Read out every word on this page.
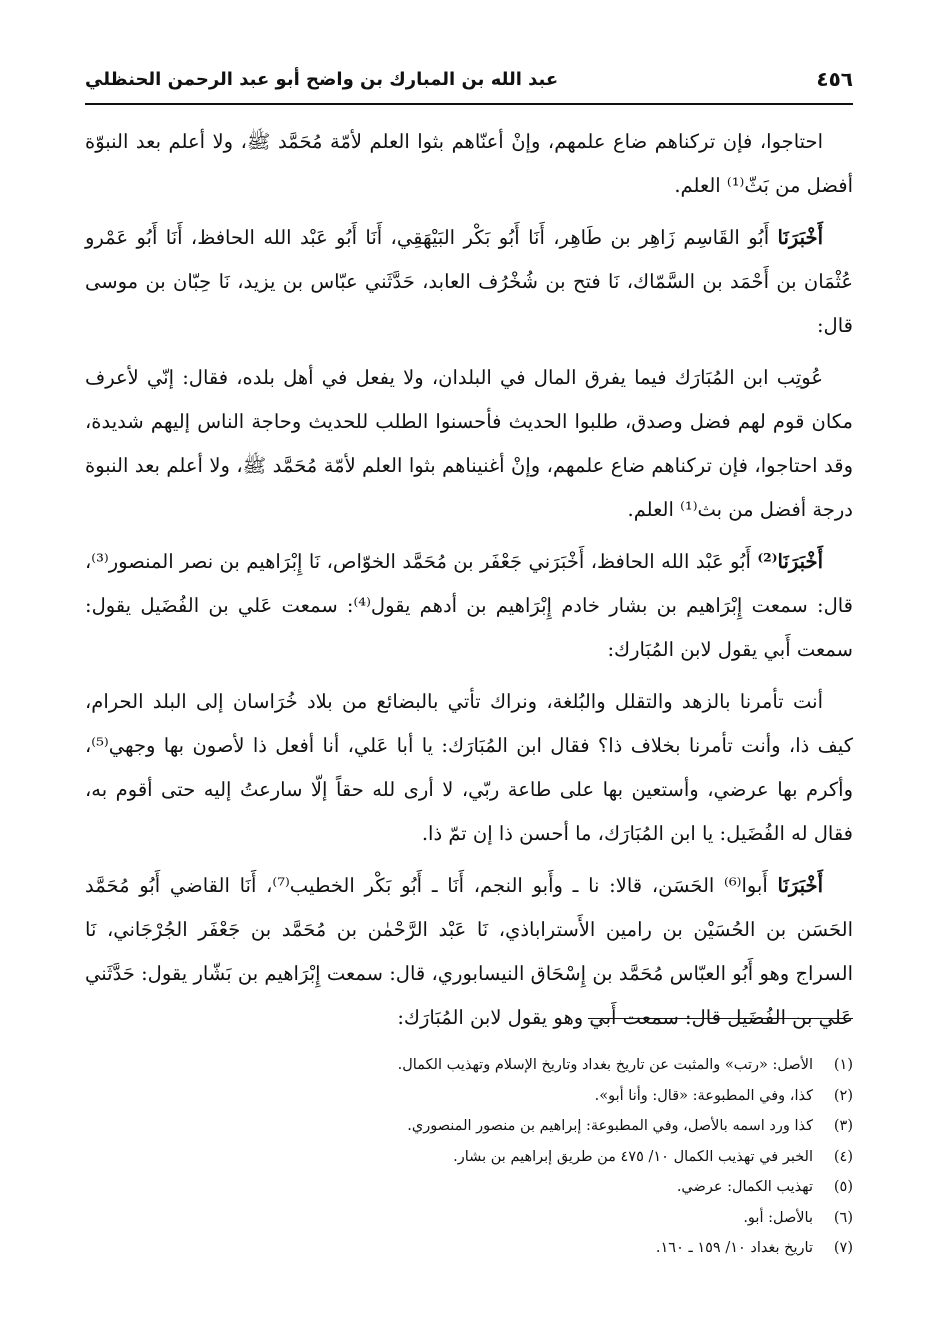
٤٥٦
عبد الله بن المبارك بن واضح أبو عبد الرحمن الحنظلي

احتاجوا، فإن تركناهم ضاع علمهم، وإنْ أعنّاهم بثوا العلم لأمّة مُحَمَّد ﷺ، ولا أعلم بعد النبوّة أفضل من بَثّ⁽¹⁾ العلم.

أَخْبَرَنَا أَبُو القَاسِم زَاهِر بن طَاهِر، أَنَا أَبُو بَكْر البَيْهَقِي، أَنَا أَبُو عَبْد الله الحافظ، أَنَا أَبُو عَمْرو عُثْمَان بن أَحْمَد بن السَّمّاك، نَا فتح بن شُخْرُف العابد، حَدَّثَني عبّاس بن يزيد، نَا حِبّان بن موسى قال:

عُوتِب ابن المُبَارَك فيما يفرق المال في البلدان، ولا يفعل في أهل بلده، فقال: إنّي لأعرف مكان قوم لهم فضل وصدق، طلبوا الحديث فأحسنوا الطلب للحديث وحاجة الناس إليهم شديدة، وقد احتاجوا، فإن تركناهم ضاع علمهم، وإنْ أغنيناهم بثوا العلم لأمّة مُحَمَّد ﷺ، ولا أعلم بعد النبوة درجة أفضل من بث⁽¹⁾ العلم.

أَخْبَرَنَا⁽²⁾ أَبُو عَبْد الله الحافظ، أَخْبَرَني جَعْفَر بن مُحَمَّد الخوّاص، نَا إِبْرَاهيم بن نصر المنصور⁽³⁾، قال: سمعت إِبْرَاهيم بن بشار خادم إِبْرَاهيم بن أدهم يقول⁽⁴⁾: سمعت عَلي بن الفُضَيل يقول: سمعت أَبي يقول لابن المُبَارك:

أنت تأمرنا بالزهد والتقلل والبُلغة، ونراك تأتي بالبضائع من بلاد خُرَاسان إلى البلد الحرام، كيف ذا، وأنت تأمرنا بخلاف ذا؟ فقال ابن المُبَارَك: يا أبا عَلي، أنا أفعل ذا لأصون بها وجهي⁽⁵⁾، وأكرم بها عرضي، وأستعين بها على طاعة ربّي، لا أرى لله حقاً إلّا سارعتُ إليه حتى أقوم به، فقال له الفُضَيل: يا ابن المُبَارَك، ما أحسن ذا إن تمّ ذا.

أَخْبَرَنَا أَبوا⁽⁶⁾ الحَسَن، قالا: نا ـ وأَبو النجم، أَنَا ـ أَبُو بَكْر الخطيب⁽⁷⁾، أَنَا القاضي أَبُو مُحَمَّد الحَسَن بن الحُسَيْن بن رامين الأَستراباذي، نَا عَبْد الرَّحْمٰن بن مُحَمَّد بن جَعْفَر الجُرْجَاني، نَا السراج وهو أَبُو العبّاس مُحَمَّد بن إِسْحَاق النيسابوري، قال: سمعت إِبْرَاهيم بن بَشّار يقول: حَدَّثَني عَلي بن الفُضَيل قال: سمعت أَبي وهو يقول لابن المُبَارَك:

(١)
الأصل: «رتب» والمثبت عن تاريخ بغداد وتاريخ الإسلام وتهذيب الكمال.
(٢)
كذا، وفي المطبوعة: «قال: وأنا أبو».
(٣)
كذا ورد اسمه بالأصل، وفي المطبوعة: إبراهيم بن منصور المنصوري.
(٤)
الخبر في تهذيب الكمال ١٠/ ٤٧٥ من طريق إبراهيم بن بشار.
(٥)
تهذيب الكمال: عرضي.
(٦)
بالأصل: أبو.
(٧)
تاريخ بغداد ١٠/ ١٥٩ ـ ١٦٠.
